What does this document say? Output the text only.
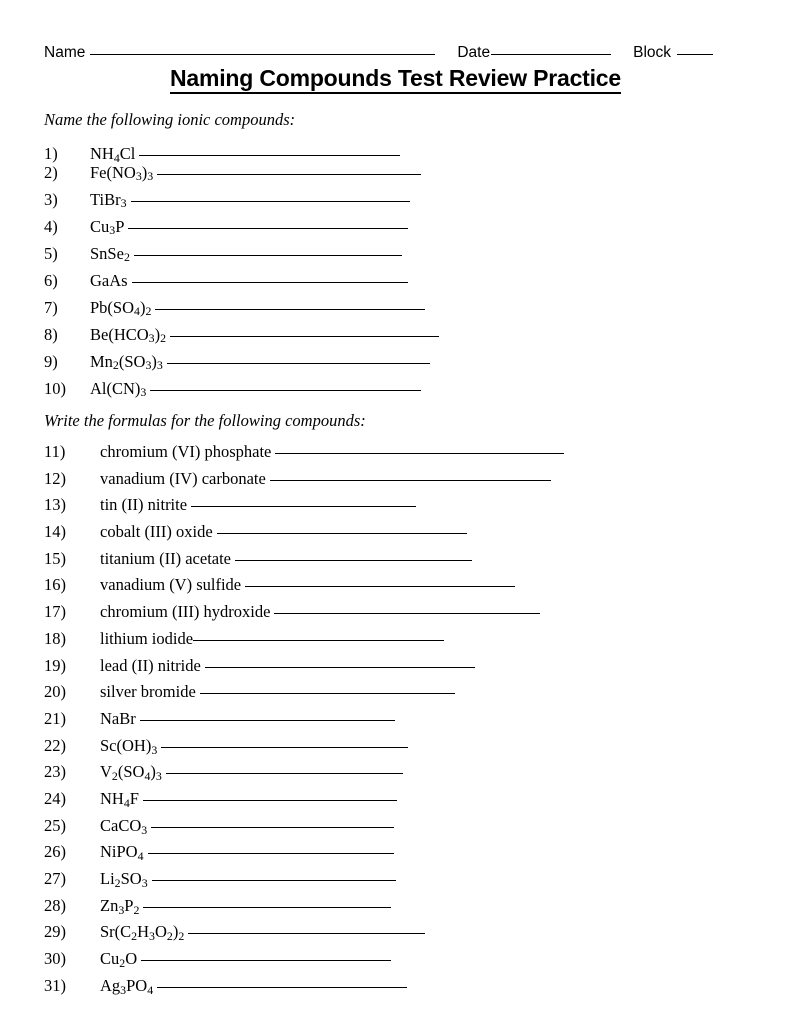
Name	Date	Block
Naming Compounds Test Review Practice
Name the following ionic compounds:
1)	$NH_4Cl$
2)	$Fe(NO_3)_3$
3)	TiBr$_3$
4)	$Cu_3P$
5)	SnSe$_2$
6)	GaAs
7)	$Pb(SO_4)_2$
8)	$Be(HCO_3)_2$
9)	$Mn_2(SO_3)_3$
10)	$Al(CN)_3$
Write the formulas for the following compounds:
11)	chromium (VI) phosphate
12)	vanadium (IV) carbonate
13)	tin (II) nitrite
14)	cobalt (III) oxide
15)	titanium (II) acetate
16)	vanadium (V) sulfide
17)	chromium (III) hydroxide
18)	lithium iodide
19)	lead (II) nitride
20)	silver bromide
21)	NaBr
22)	$Sc(OH)_3$
23)	$V_2(SO_4)_3$
24)	$NH_4F$
25)	CaCO$_3$
26)	NiPO$_4$
27)	$Li_2SO_3$
28)	$Zn_3P_2$
29)	$Sr(C_2H_3O_2)_2$
30)	$Cu_2O$
31)	$Ag_3PO_4$
